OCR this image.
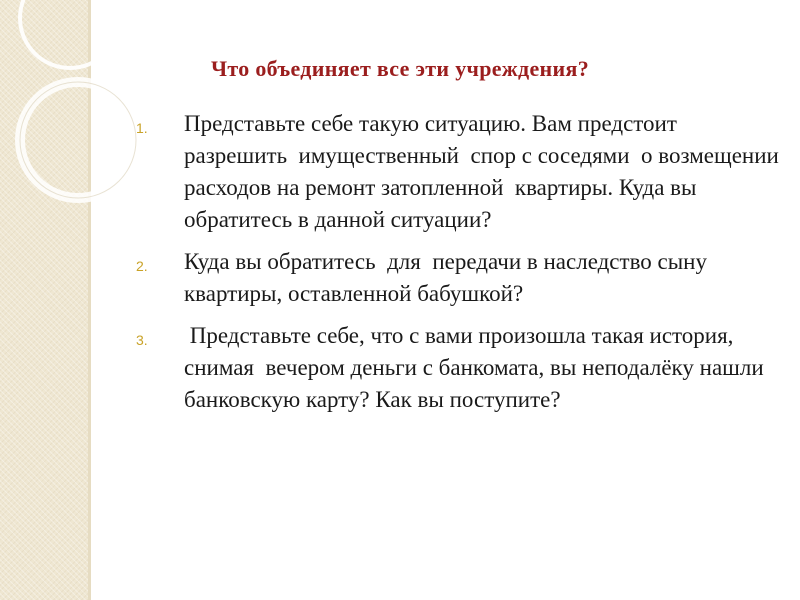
Что объединяет все эти учреждения?
1. Представьте себе такую ситуацию. Вам предстоит разрешить  имущественный  спор с соседями  о возмещении расходов на ремонт затопленной  квартиры. Куда вы обратитесь в данной ситуации?
2. Куда вы обратитесь  для  передачи в наследство сыну  квартиры, оставленной бабушкой?
3. Представьте себе, что с вами произошла такая история, снимая  вечером деньги с банкомата, вы неподалёку нашли банковскую карту? Как вы поступите?
